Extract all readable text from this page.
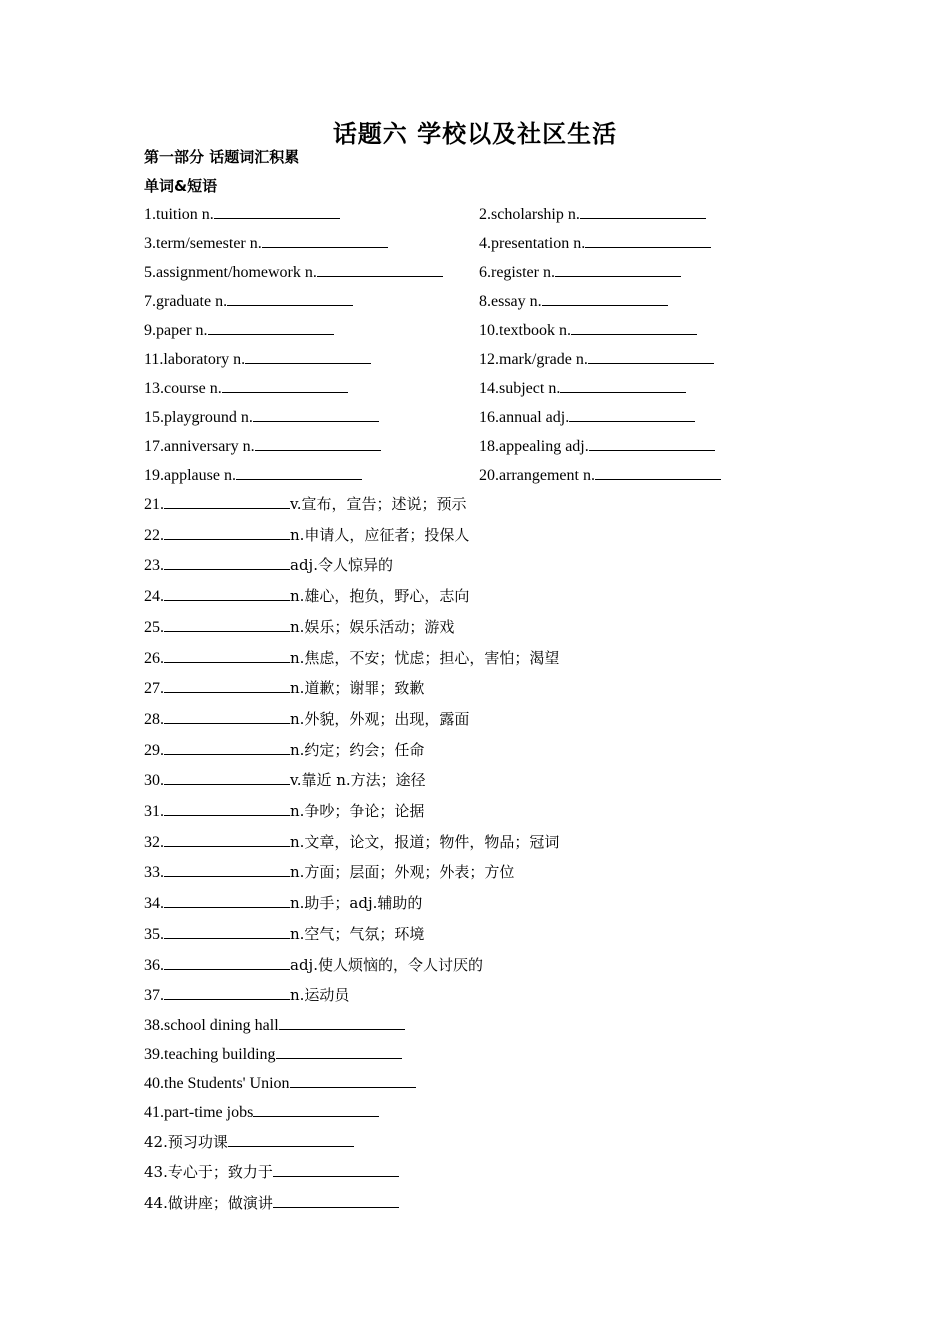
话题六 学校以及社区生活
第一部分 话题词汇积累
单词&短语
1.tuition n.	2.scholarship n.
3.term/semester n.	4.presentation n.
5.assignment/homework n.	6.register n.
7.graduate n.	8.essay n.
9.paper n.	10.textbook n.
11.laboratory n.	12.mark/grade n.
13.course n.	14.subject n.
15.playground n.	16.annual adj.
17.anniversary n.	18.appealing adj.
19.applause n.	20.arrangement n.
21.	v.宣布，宣告；述说；预示
22.	n.申请人，应征者；投保人
23.	adj.令人惊异的
24.	n.雄心，抱负，野心，志向
25.	n.娱乐；娱乐活动；游戏
26.	n.焦虑，不安；忧虑；担心，害怕；渴望
27.	n.道歉；谢罪；致歉
28.	n.外貌，外观；出现，露面
29.	n.约定；约会；任命
30.	v.靠近 n.方法；途径
31.	n.争吵；争论；论据
32.	n.文章，论文，报道；物件，物品；冠词
33.	n.方面；层面；外观；外表；方位
34.	n.助手；adj.辅助的
35.	n.空气；气氛；环境
36.	adj.使人烦恼的，令人讨厌的
37.	n.运动员
38.school dining hall
39.teaching building
40.the Students' Union
41.part-time jobs
42.预习功课
43.专心于；致力于
44.做讲座；做演讲
